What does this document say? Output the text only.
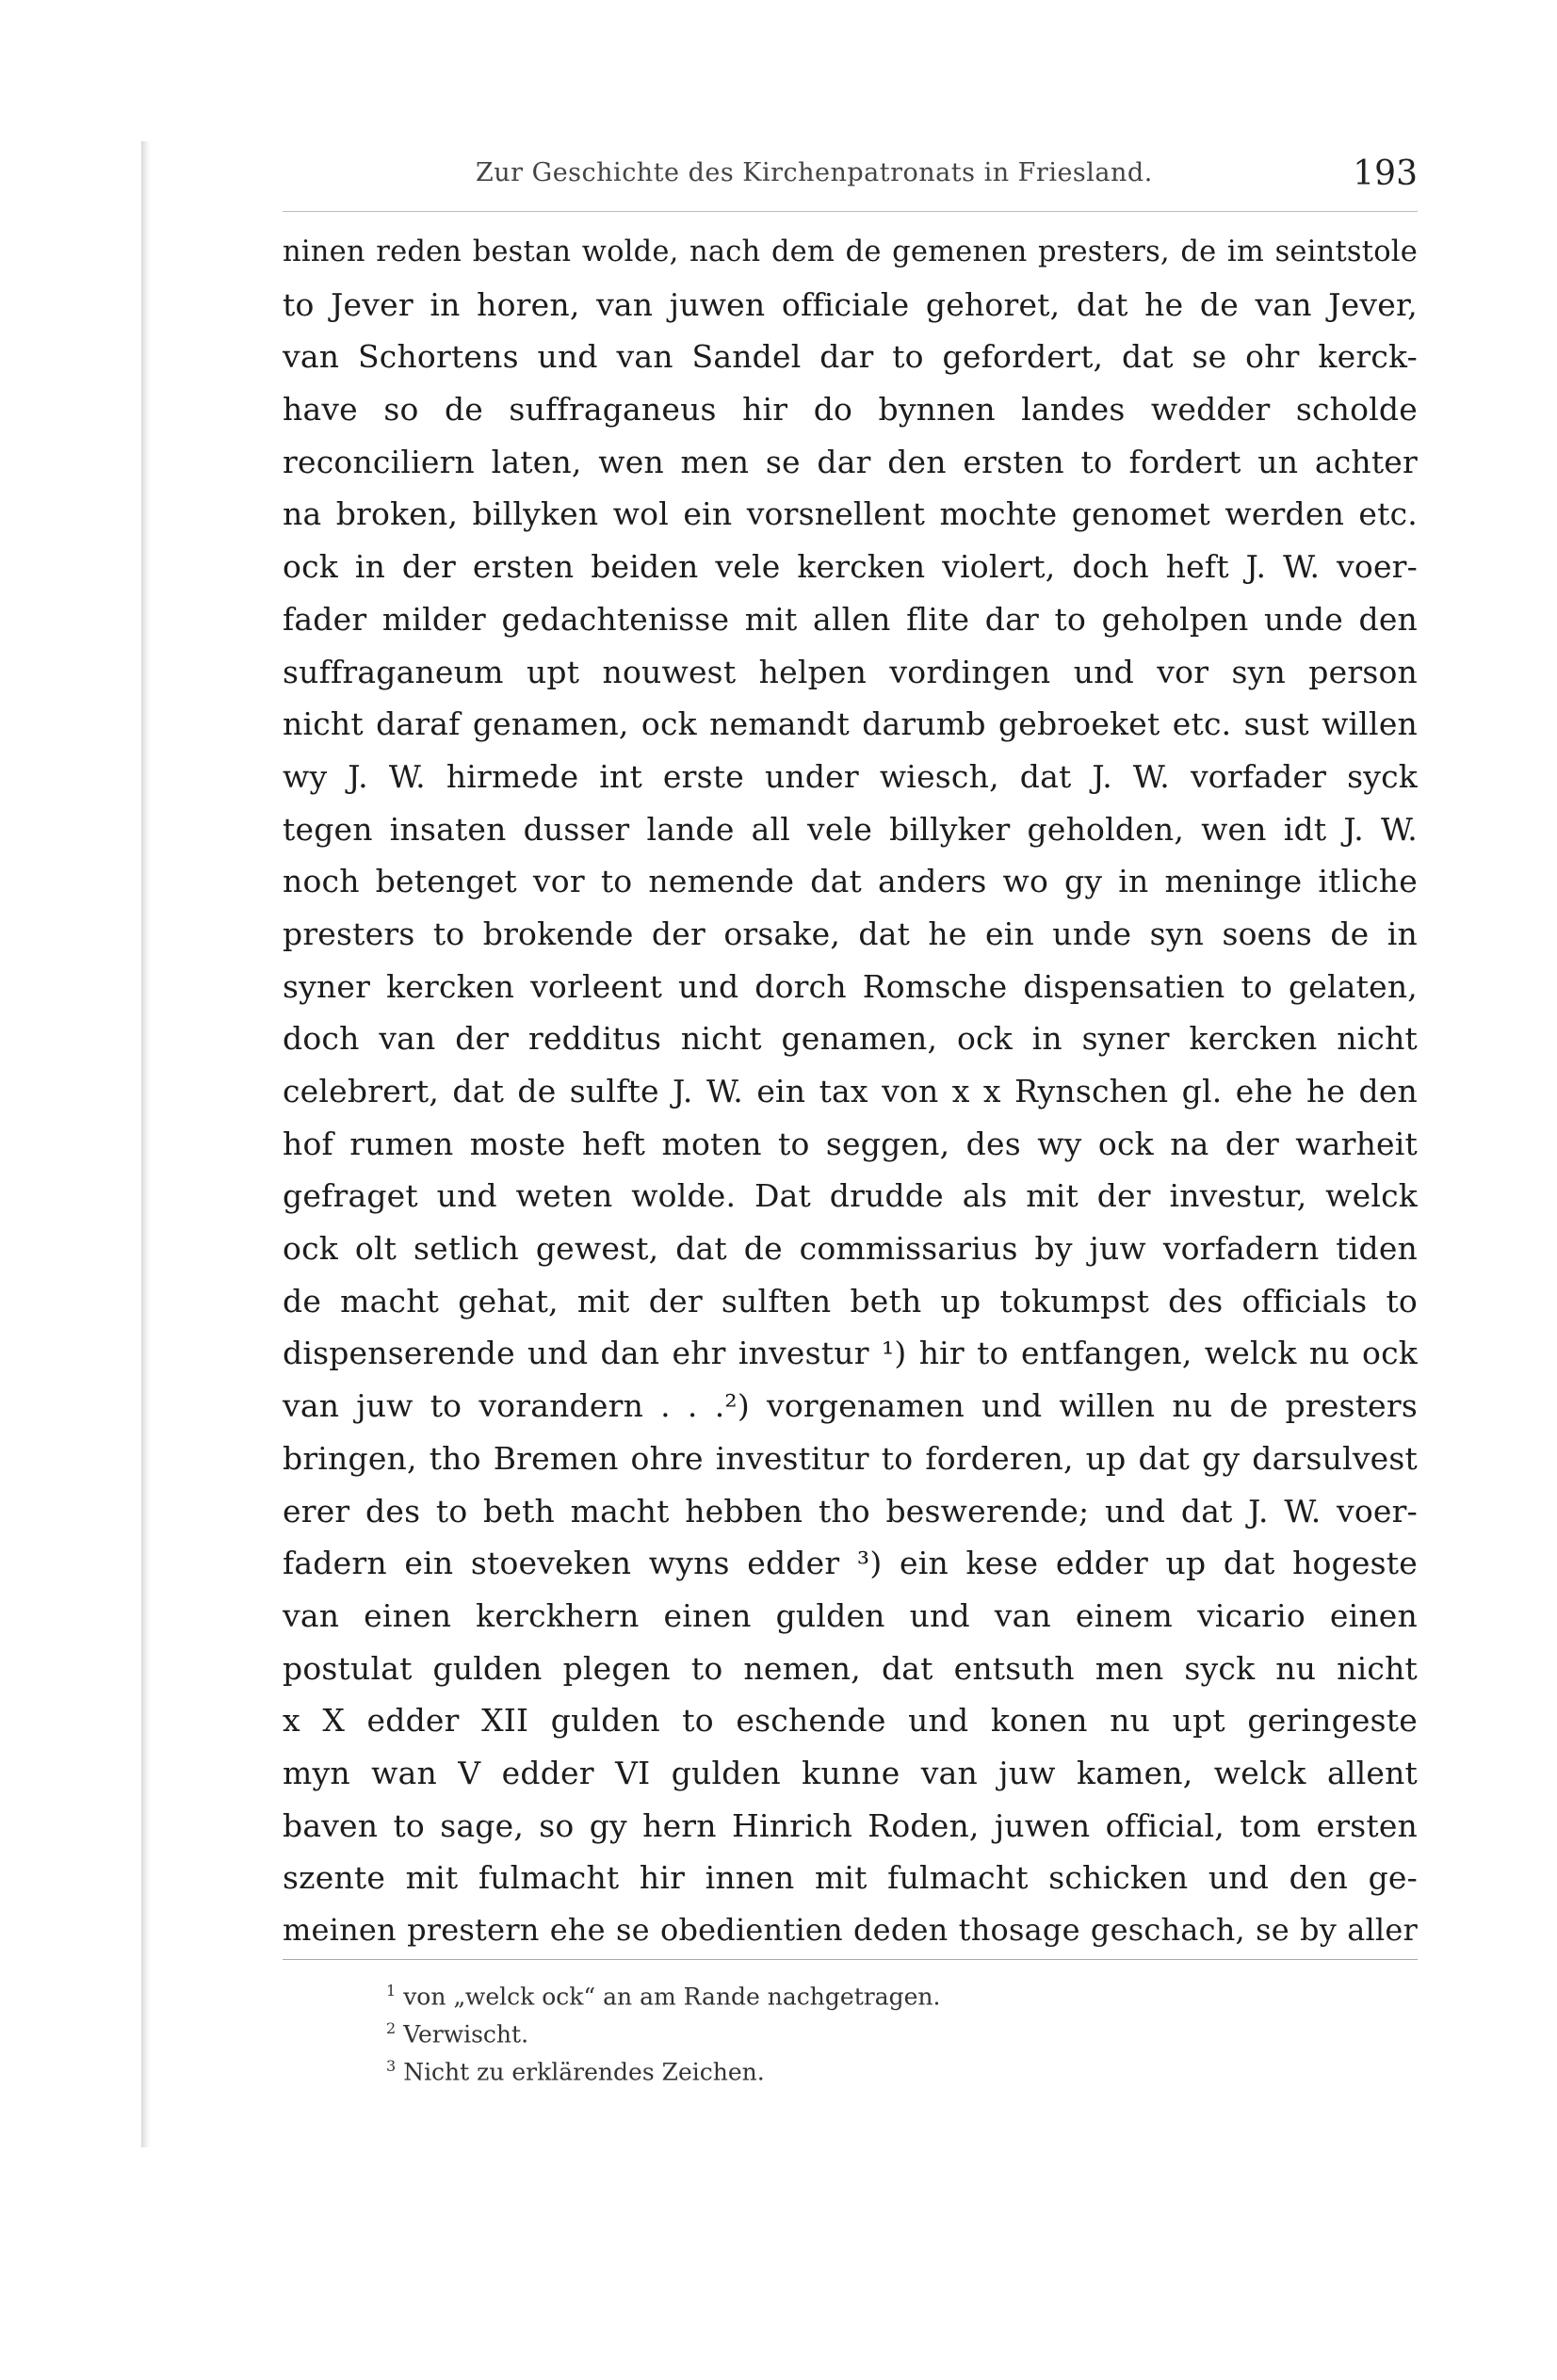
Zur Geschichte des Kirchenpatronats in Friesland.	193
ninen reden bestan wolde, nach dem de gemenen presters, de im seintstole
to Jever in horen, van juwen officiale gehoret, dat he de van Jever,
van Schortens und van Sandel dar to gefordert, dat se ohr kerck-
have so de suffraganeus hir do bynnen landes wedder scholde
reconciliern laten, wen men se dar den ersten to fordert un achter
na broken, billyken wol ein vorsnellent mochte genomet werden etc.
ock in der ersten beiden vele kercken violert, doch heft J. W. voer-
fader milder gedachtenisse mit allen flite dar to geholpen unde den
suffraganeum upt nouwest helpen vordingen und vor syn person
nicht daraf genamen, ock nemandt darumb gebroeket etc. sust willen
wy J. W. hirmede int erste under wiesch, dat J. W. vorfader syck
tegen insaten dusser lande all vele billyker geholden, wen idt J. W.
noch betenget vor to nemende dat anders wo gy in meninge itliche
presters to brokende der orsake, dat he ein unde syn soens de in
syner kercken vorleent und dorch Romsche dispensatien to gelaten,
doch van der redditus nicht genamen, ock in syner kercken nicht
celebrert, dat de sulfte J. W. ein tax von x x Rynschen gl. ehe he den
hof rumen moste heft moten to seggen, des wy ock na der warheit
gefraget und weten wolde. Dat drudde als mit der investur, welck
ock olt setlich gewest, dat de commissarius by juw vorfadern tiden
de macht gehat, mit der sulften beth up tokumpst des officials to
dispenserende und dan ehr investur ¹) hir to entfangen, welck nu ock
van juw to vorandern . . .²) vorgenamen und willen nu de presters
bringen, tho Bremen ohre investitur to forderen, up dat gy darsulvest
erer des to beth macht hebben tho beswerende; und dat J. W. voer-
fadern ein stoeveken wyns edder ³) ein kese edder up dat hogeste
van einen kerckhern einen gulden und van einem vicario einen
postulat gulden plegen to nemen, dat entsuth men syck nu nicht
x X edder XII gulden to eschende und konen nu upt geringeste
myn wan V edder VI gulden kunne van juw kamen, welck allent
baven to sage, so gy hern Hinrich Roden, juwen official, tom ersten
szente mit fulmacht hir innen mit fulmacht schicken und den ge-
meinen prestern ehe se obedientien deden thosage geschach, se by aller
$^1$ von „welck ock“ an am Rande nachgetragen.
$^2$ Verwischt.
$^3$ Nicht zu erklärendes Zeichen.
